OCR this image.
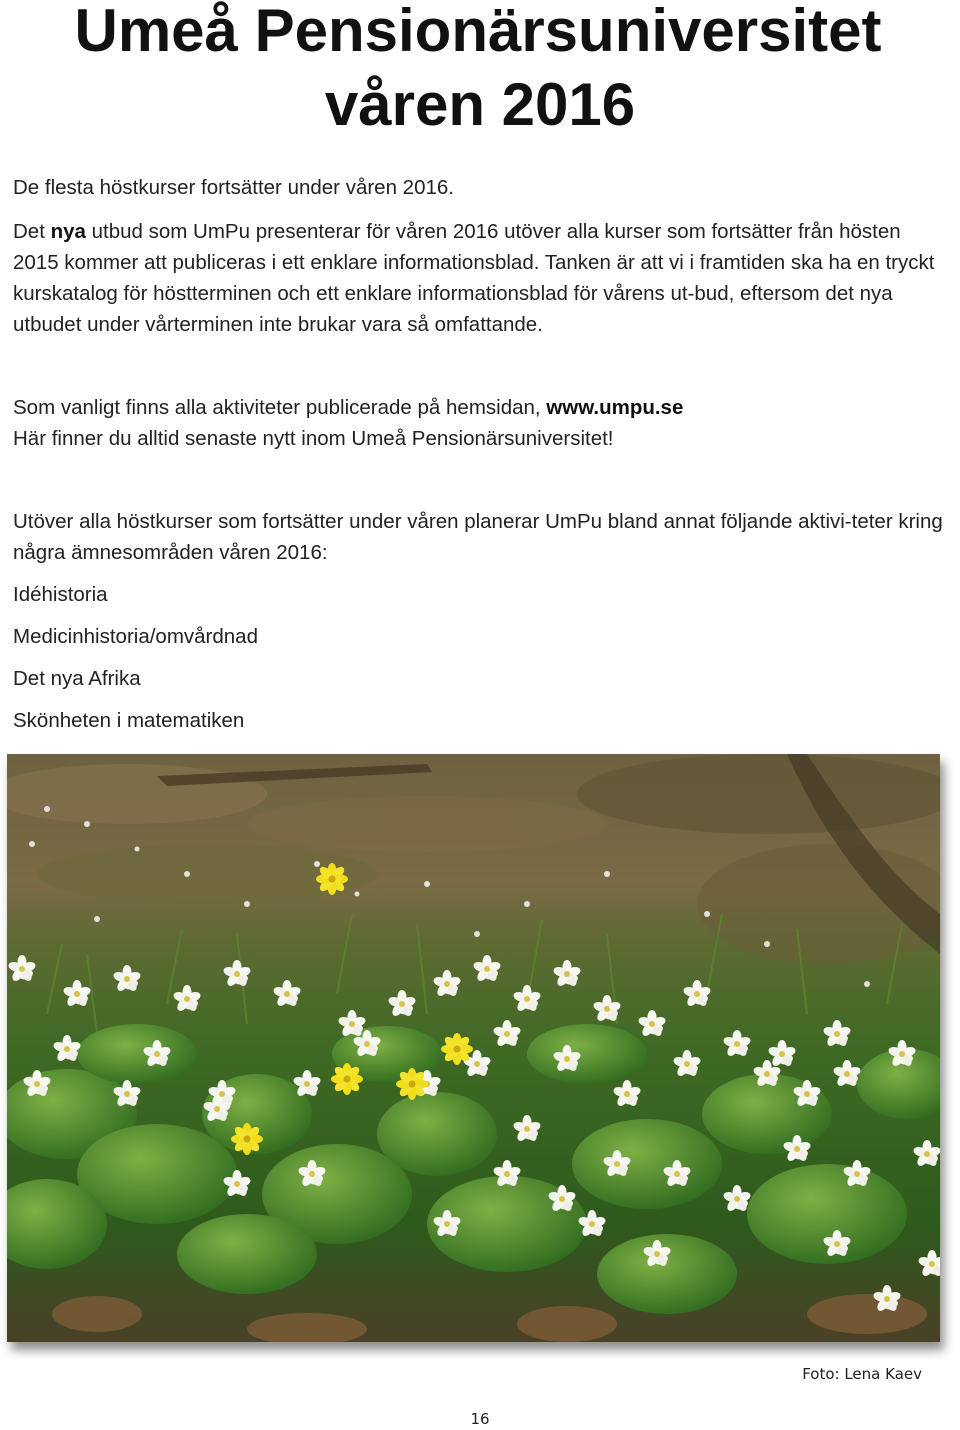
Umeå Pensionärsuniversitet
våren 2016

De flesta höstkurser fortsätter under våren 2016.

Det nya utbud som UmPu presenterar för våren 2016 utöver alla kurser som fortsätter från hösten 2015 kommer att publiceras i ett enklare informationsblad. Tanken är att vi i framtiden ska ha en tryckt kurskatalog för höstterminen och ett enklare informationsblad för vårens ut-bud, eftersom det nya utbudet under vårterminen inte brukar vara så omfattande.

Som vanligt finns alla aktiviteter publicerade på hemsidan, www.umpu.se
Här finner du alltid senaste nytt inom Umeå Pensionärsuniversitet!

Utöver alla höstkurser som fortsätter under våren planerar UmPu bland annat följande aktivi-teter kring några ämnesområden våren 2016:

Idéhistoria

Medicinhistoria/omvårdnad

Det nya Afrika

Skönheten i matematiken

Foto: Lena Kaev
16
